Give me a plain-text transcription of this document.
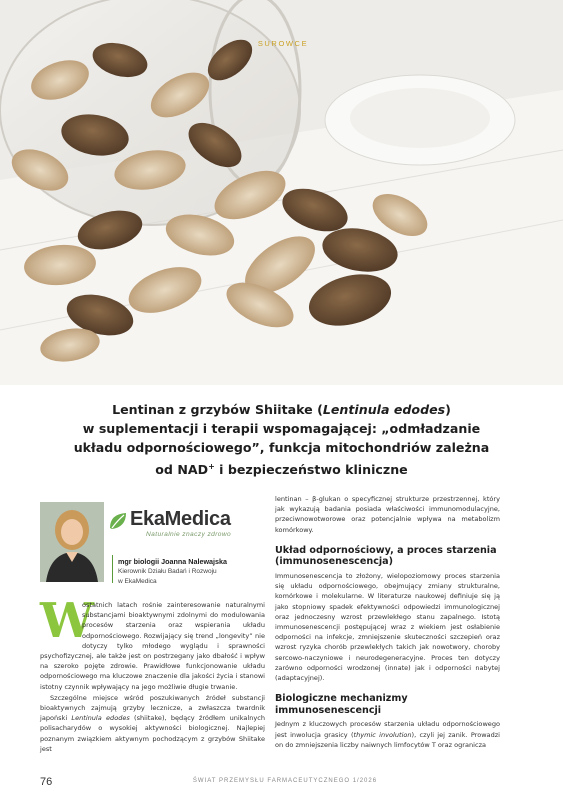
SUROWCE
Lentinan z grzybów Shiitake (Lentinula edodes)
w suplementacji i terapii wspomagającej: „odmładzanie
układu odpornościowego”, funkcja mitochondriów zależna
od NAD+ i bezpieczeństwo kliniczne
EkaMedica
Naturalnie znaczy zdrowo
mgr biologii Joanna Nalewajska
Kierownik Działu Badań i Rozwoju
w EkaMedica

W
ostatnich latach rośnie zainteresowanie naturalnymi substancjami bioaktywnymi zdolnymi do modulowania procesów starzenia oraz wspierania układu odpornościowego. Rozwijający się trend „longevity” nie dotyczy tylko młodego wyglądu i sprawności psychofizycznej, ale także jest on postrzegany jako dbałość i wpływ na szeroko pojęte zdrowie. Prawidłowe funkcjonowanie układu odpornościowego ma kluczowe znaczenie dla jakości życia i stanowi istotny czynnik wpływający na jego możliwie długie trwanie.

Szczególne miejsce wśród poszukiwanych źródeł substancji bioaktywnych zajmują grzyby lecznicze, a zwłaszcza twardnik japoński Lentinula edodes (shiitake), będący źródłem unikalnych polisacharydów o wysokiej aktywności biologicznej. Najlepiej poznanym związkiem aktywnym pochodzącym z grzybów Shiitake jest

lentinan – β-glukan o specyficznej strukturze przestrzennej, który jak wykazują badania posiada właściwości immunomodulacyjne, przeciwnowotworowe oraz potencjalnie wpływa na metabolizm komórkowy.

Układ odpornościowy, a proces starzenia (immunosenescencja)

Immunosenescencja to złożony, wielopoziomowy proces starzenia się układu odpornościowego, obejmujący zmiany strukturalne, komórkowe i molekularne. W literaturze naukowej definiuje się ją jako stopniowy spadek efektywności odpowiedzi immunologicznej oraz jednoczesny wzrost przewlekłego stanu zapalnego. Istotą immunosenescencji postępującej wraz z wiekiem jest osłabienie odporności na infekcje, zmniejszenie skuteczności szczepień oraz wzrost ryzyka chorób przewlekłych takich jak nowotwory, choroby sercowo-naczyniowe i neurodegeneracyjne. Proces ten dotyczy zarówno odporności wrodzonej (innate) jak i odporności nabytej (adaptacyjnej).

Biologiczne mechanizmy immunosenescencji

Jednym z kluczowych procesów starzenia układu odpornościowego jest inwolucja grasicy (thymic involution), czyli jej zanik. Prowadzi on do zmniejszenia liczby naiwnych limfocytów T oraz ogranicza

76	ŚWIAT PRZEMYSŁU FARMACEUTYCZNEGO 1/2026
